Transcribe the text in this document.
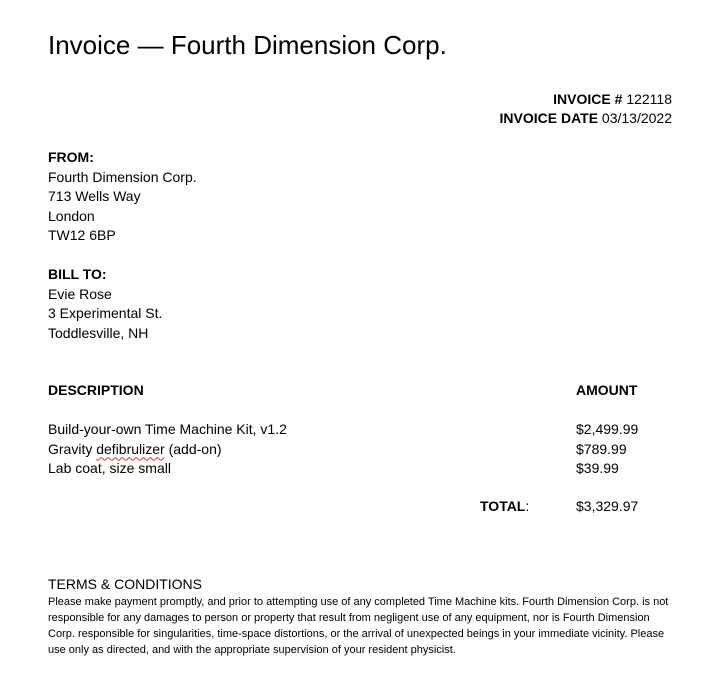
Invoice — Fourth Dimension Corp.
INVOICE # 122118
INVOICE DATE 03/13/2022
FROM:
Fourth Dimension Corp.
713 Wells Way
London
TW12 6BP
BILL TO:
Evie Rose
3 Experimental St.
Toddlesville, NH
DESCRIPTION	AMOUNT
Build-your-own Time Machine Kit, v1.2
Gravity defibrulizer (add-on)
Lab coat, size small
$2,499.99
$789.99
$39.99
TOTAL:	$3,329.97
TERMS & CONDITIONS
Please make payment promptly, and prior to attempting use of any completed Time Machine kits. Fourth Dimension Corp. is not responsible for any damages to person or property that result from negligent use of any equipment, nor is Fourth Dimension Corp. responsible for singularities, time-space distortions, or the arrival of unexpected beings in your immediate vicinity. Please use only as directed, and with the appropriate supervision of your resident physicist.
